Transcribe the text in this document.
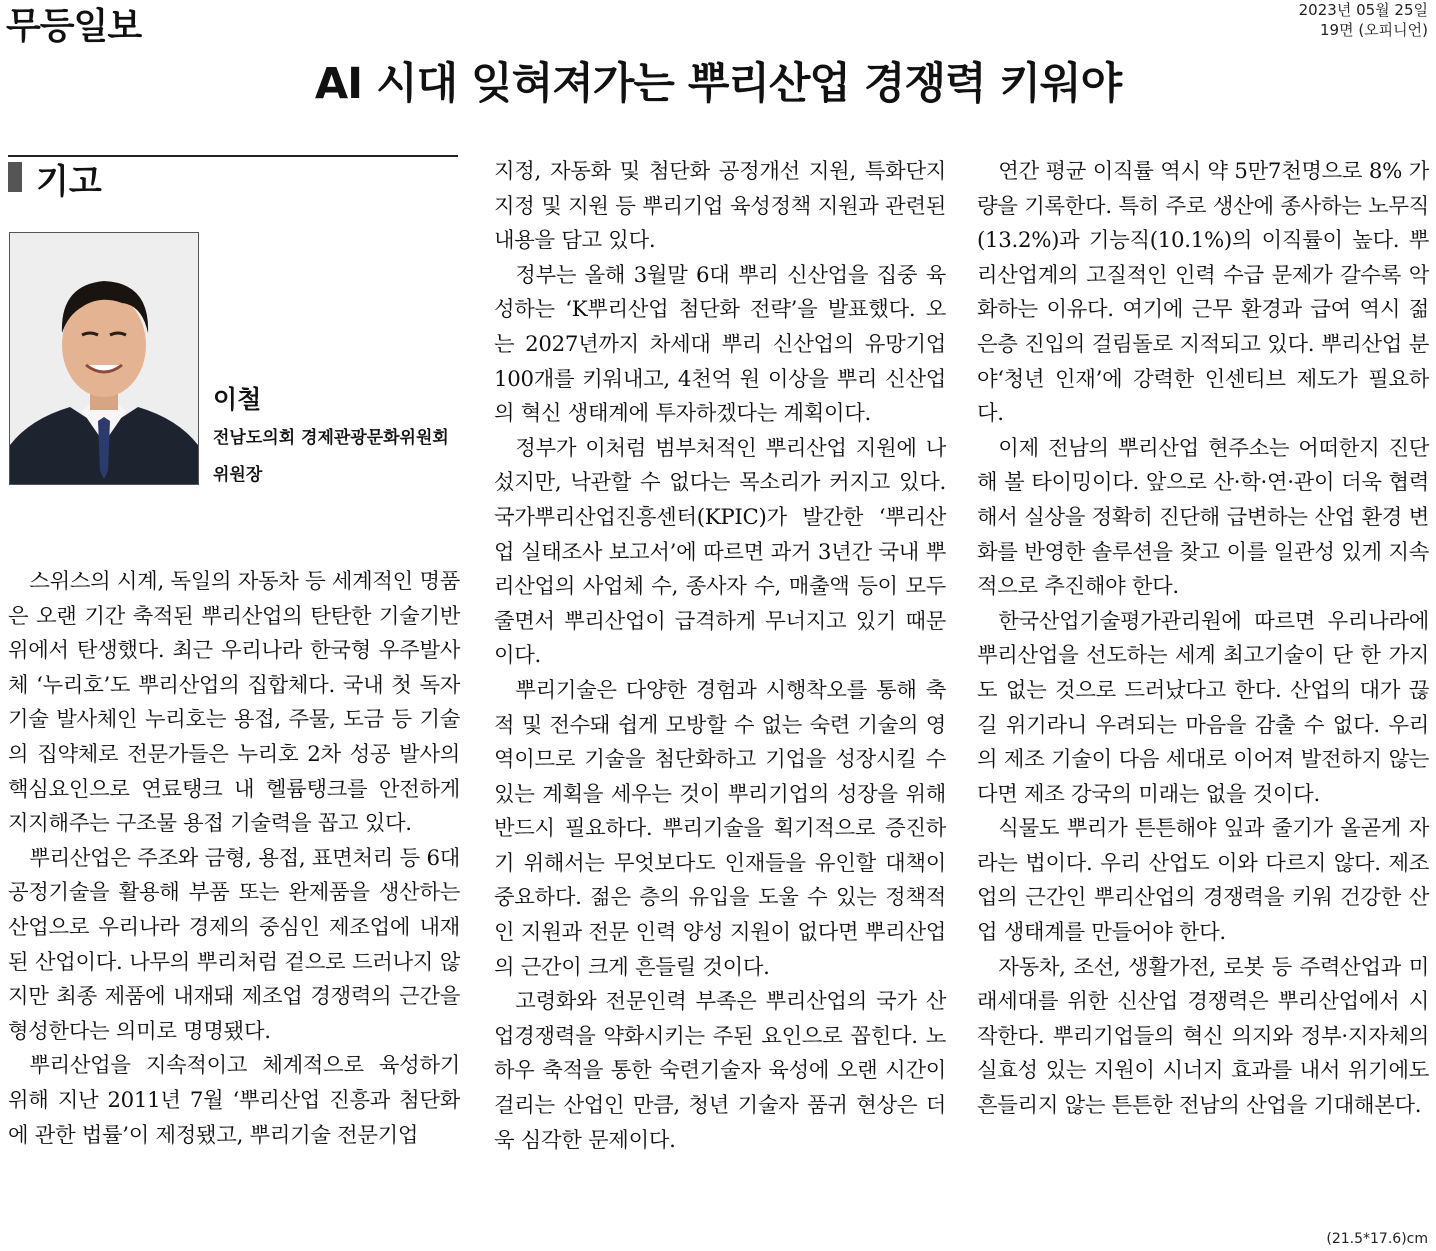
무등일보	2023년 05월 25일
19면 (오피니언)
AI 시대 잊혀져가는 뿌리산업 경쟁력 키워야
기고
이철
전남도의회 경제관광문화위원회
위원장

스위스의 시계, 독일의 자동차 등 세계적인 명품은 오랜 기간 축적된 뿌리산업의 탄탄한 기술기반 위에서 탄생했다. 최근 우리나라 한국형 우주발사체 ‘누리호’도 뿌리산업의 집합체다. 국내 첫 독자기술 발사체인 누리호는 용접, 주물, 도금 등 기술의 집약체로 전문가들은 누리호 2차 성공 발사의 핵심요인으로 연료탱크 내 헬륨탱크를 안전하게 지지해주는 구조물 용접 기술력을 꼽고 있다.

뿌리산업은 주조와 금형, 용접, 표면처리 등 6대 공정기술을 활용해 부품 또는 완제품을 생산하는 산업으로 우리나라 경제의 중심인 제조업에 내재된 산업이다. 나무의 뿌리처럼 겉으로 드러나지 않지만 최종 제품에 내재돼 제조업 경쟁력의 근간을 형성한다는 의미로 명명됐다.

뿌리산업을 지속적이고 체계적으로 육성하기 위해 지난 2011년 7월 ‘뿌리산업 진흥과 첨단화에 관한 법률’이 제정됐고, 뿌리기술 전문기업

지정, 자동화 및 첨단화 공정개선 지원, 특화단지 지정 및 지원 등 뿌리기업 육성정책 지원과 관련된 내용을 담고 있다.

정부는 올해 3월말 6대 뿌리 신산업을 집중 육성하는 ‘K뿌리산업 첨단화 전략’을 발표했다. 오는 2027년까지 차세대 뿌리 신산업의 유망기업 100개를 키워내고, 4천억 원 이상을 뿌리 신산업의 혁신 생태계에 투자하겠다는 계획이다.

정부가 이처럼 범부처적인 뿌리산업 지원에 나섰지만, 낙관할 수 없다는 목소리가 커지고 있다. 국가뿌리산업진흥센터(KPIC)가 발간한 ‘뿌리산업 실태조사 보고서’에 따르면 과거 3년간 국내 뿌리산업의 사업체 수, 종사자 수, 매출액 등이 모두 줄면서 뿌리산업이 급격하게 무너지고 있기 때문이다.

뿌리기술은 다양한 경험과 시행착오를 통해 축적 및 전수돼 쉽게 모방할 수 없는 숙련 기술의 영역이므로 기술을 첨단화하고 기업을 성장시킬 수 있는 계획을 세우는 것이 뿌리기업의 성장을 위해 반드시 필요하다. 뿌리기술을 획기적으로 증진하기 위해서는 무엇보다도 인재들을 유인할 대책이 중요하다. 젊은 층의 유입을 도울 수 있는 정책적인 지원과 전문 인력 양성 지원이 없다면 뿌리산업의 근간이 크게 흔들릴 것이다.

고령화와 전문인력 부족은 뿌리산업의 국가 산업경쟁력을 약화시키는 주된 요인으로 꼽힌다. 노하우 축적을 통한 숙련기술자 육성에 오랜 시간이 걸리는 산업인 만큼, 청년 기술자 품귀 현상은 더욱 심각한 문제이다.

연간 평균 이직률 역시 약 5만7천명으로 8% 가량을 기록한다. 특히 주로 생산에 종사하는 노무직(13.2%)과 기능직(10.1%)의 이직률이 높다. 뿌리산업계의 고질적인 인력 수급 문제가 갈수록 악화하는 이유다. 여기에 근무 환경과 급여 역시 젊은층 진입의 걸림돌로 지적되고 있다. 뿌리산업 분야‘청년 인재’에 강력한 인센티브 제도가 필요하다.

이제 전남의 뿌리산업 현주소는 어떠한지 진단해 볼 타이밍이다. 앞으로 산·학·연·관이 더욱 협력해서 실상을 정확히 진단해 급변하는 산업 환경 변화를 반영한 솔루션을 찾고 이를 일관성 있게 지속적으로 추진해야 한다.

한국산업기술평가관리원에 따르면 우리나라에 뿌리산업을 선도하는 세계 최고기술이 단 한 가지도 없는 것으로 드러났다고 한다. 산업의 대가 끊길 위기라니 우려되는 마음을 감출 수 없다. 우리의 제조 기술이 다음 세대로 이어져 발전하지 않는다면 제조 강국의 미래는 없을 것이다.

식물도 뿌리가 튼튼해야 잎과 줄기가 올곧게 자라는 법이다. 우리 산업도 이와 다르지 않다. 제조업의 근간인 뿌리산업의 경쟁력을 키워 건강한 산업 생태계를 만들어야 한다.

자동차, 조선, 생활가전, 로봇 등 주력산업과 미래세대를 위한 신산업 경쟁력은 뿌리산업에서 시작한다. 뿌리기업들의 혁신 의지와 정부·지자체의 실효성 있는 지원이 시너지 효과를 내서 위기에도 흔들리지 않는 튼튼한 전남의 산업을 기대해본다.

(21.5*17.6)cm
